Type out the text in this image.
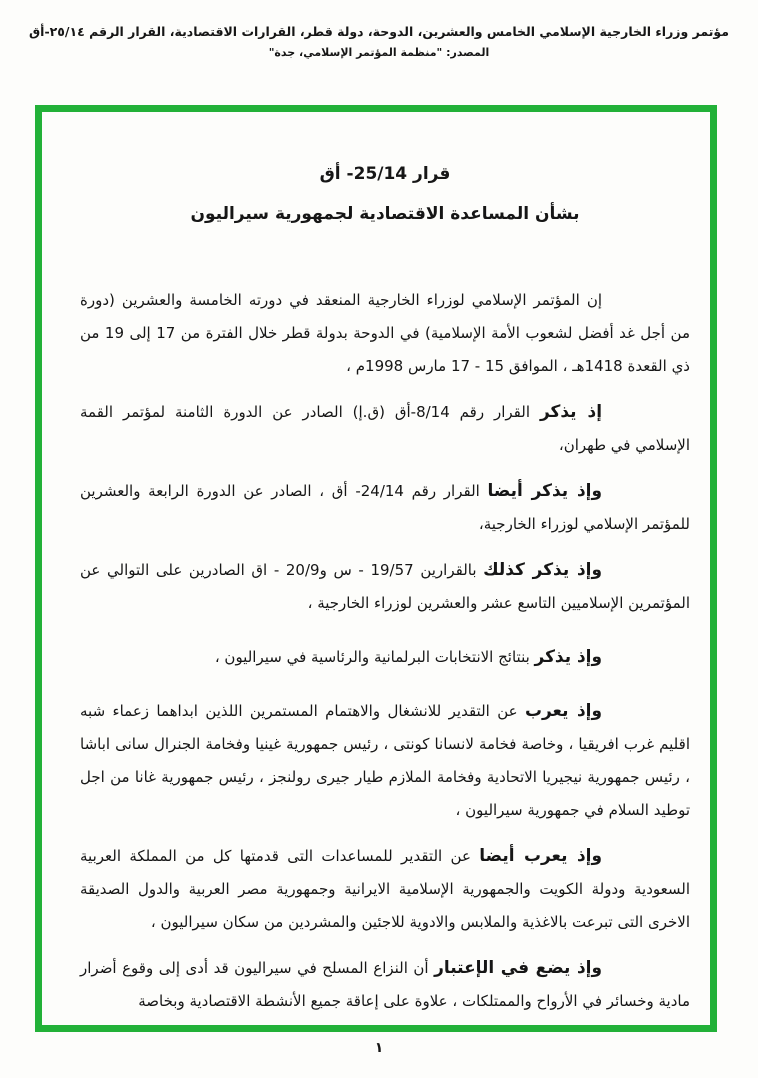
مؤتمر وزراء الخارجية الإسلامي الخامس والعشرين، الدوحة، دولة قطر، القرارات الاقتصادية، القرار الرقم ٢٥/١٤-أق
المصدر: "منظمة المؤتمر الإسلامي، جدة"
قرار 25/14- أق
بشأن المساعدة الاقتصادية لجمهورية سيراليون

إن المؤتمر الإسلامي لوزراء الخارجية المنعقد في دورته الخامسة والعشرين (دورة من أجل غد أفضل لشعوب الأمة الإسلامية) في الدوحة بدولة قطر خلال الفترة من 17 إلى 19 من ذي القعدة 1418هـ ، الموافق 15 - 17 مارس 1998م ،

إذ يذكر القرار رقم 8/14-أق (ق.إ) الصادر عن الدورة الثامنة لمؤتمر القمة الإسلامي في طهران،

وإذ يذكر أيضا القرار رقم 24/14- أق ، الصادر عن الدورة الرابعة والعشرين للمؤتمر الإسلامي لوزراء الخارجية،

وإذ يذكر كذلك بالقرارين 19/57 - س و20/9 - اق الصادرين على التوالي عن المؤتمرين الإسلاميين التاسع عشر والعشرين لوزراء الخارجية ،

وإذ يذكر بنتائج الانتخابات البرلمانية والرئاسية في سيراليون ،

وإذ يعرب عن التقدير للانشغال والاهتمام المستمرين اللذين ابداهما زعماء شبه اقليم غرب افريقيا ، وخاصة فخامة لانسانا كونتى ، رئيس جمهورية غينيا وفخامة الجنرال سانى اباشا ، رئيس جمهورية نيجيريا الاتحادية وفخامة الملازم طيار جيرى رولنجز ، رئيس جمهورية غانا من اجل توطيد السلام في جمهورية سيراليون ،

وإذ يعرب أيضا عن التقدير للمساعدات التى قدمتها كل من المملكة العربية السعودية ودولة الكويت والجمهورية الإسلامية الايرانية وجمهورية مصر العربية والدول الصديقة الاخرى التى تبرعت بالاغذية والملابس والادوية للاجئين والمشردين من سكان سيراليون ،

وإذ يضع في الإعتبار أن النزاع المسلح في سيراليون قد أدى إلى وقوع أضرار مادية وخسائر في الأرواح والممتلكات ، علاوة على إعاقة جميع الأنشطة الاقتصادية وبخاصة

١
